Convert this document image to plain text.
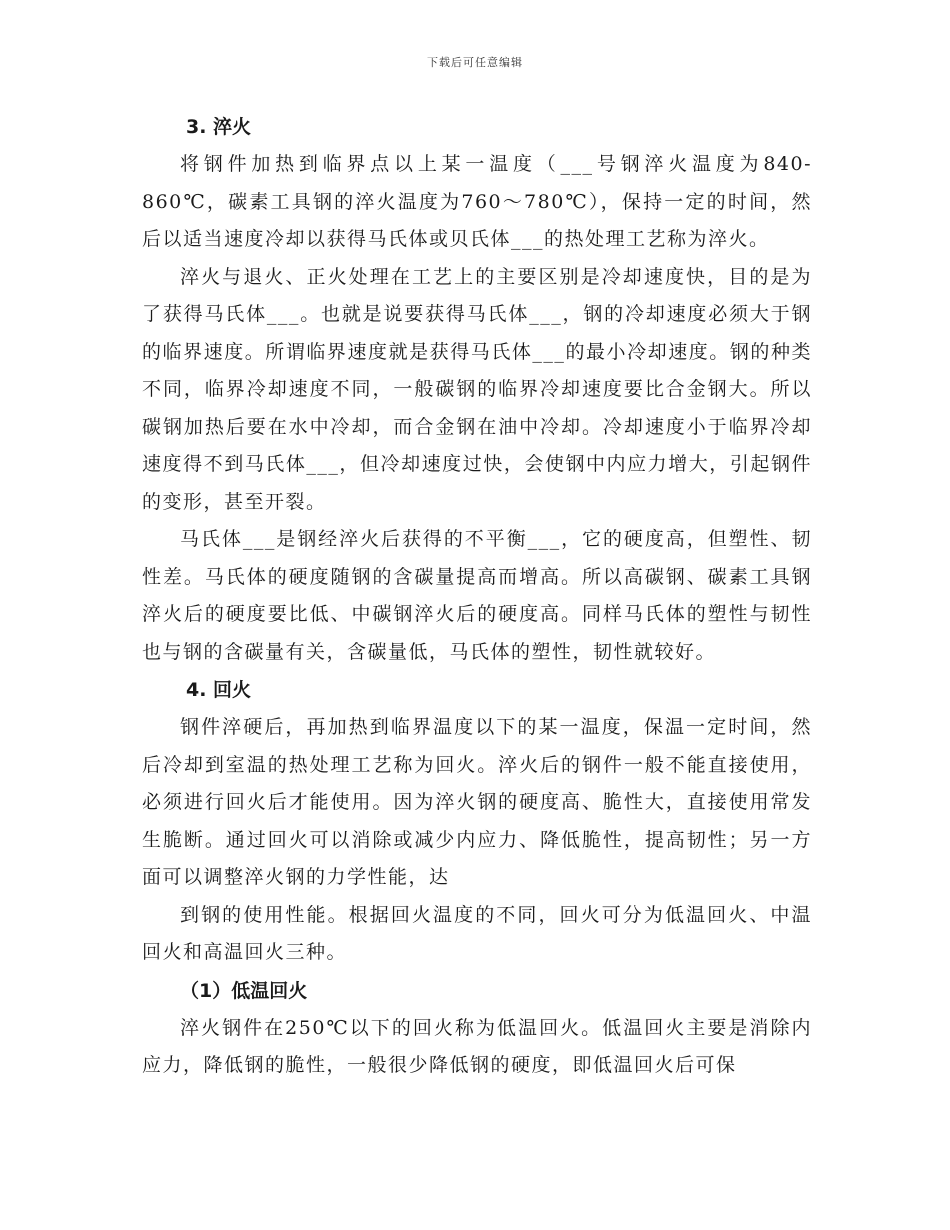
下载后可任意编辑
3. 淬火

将钢件加热到临界点以上某一温度（___号钢淬火温度为840-860℃，碳素工具钢的淬火温度为760～780℃），保持一定的时间，然后以适当速度冷却以获得马氏体或贝氏体___的热处理工艺称为淬火。

淬火与退火、正火处理在工艺上的主要区别是冷却速度快，目的是为了获得马氏体___。也就是说要获得马氏体___，钢的冷却速度必须大于钢的临界速度。所谓临界速度就是获得马氏体___的最小冷却速度。钢的种类不同，临界冷却速度不同，一般碳钢的临界冷却速度要比合金钢大。所以碳钢加热后要在水中冷却，而合金钢在油中冷却。冷却速度小于临界冷却速度得不到马氏体___，但冷却速度过快，会使钢中内应力增大，引起钢件的变形，甚至开裂。

马氏体___是钢经淬火后获得的不平衡___，它的硬度高，但塑性、韧性差。马氏体的硬度随钢的含碳量提高而增高。所以高碳钢、碳素工具钢淬火后的硬度要比低、中碳钢淬火后的硬度高。同样马氏体的塑性与韧性也与钢的含碳量有关，含碳量低，马氏体的塑性，韧性就较好。

4. 回火

钢件淬硬后，再加热到临界温度以下的某一温度，保温一定时间，然后冷却到室温的热处理工艺称为回火。淬火后的钢件一般不能直接使用，必须进行回火后才能使用。因为淬火钢的硬度高、脆性大，直接使用常发生脆断。通过回火可以消除或减少内应力、降低脆性，提高韧性；另一方面可以调整淬火钢的力学性能，达

到钢的使用性能。根据回火温度的不同，回火可分为低温回火、中温回火和高温回火三种。

（1）低温回火

淬火钢件在250℃以下的回火称为低温回火。低温回火主要是消除内应力，降低钢的脆性，一般很少降低钢的硬度，即低温回火后可保
